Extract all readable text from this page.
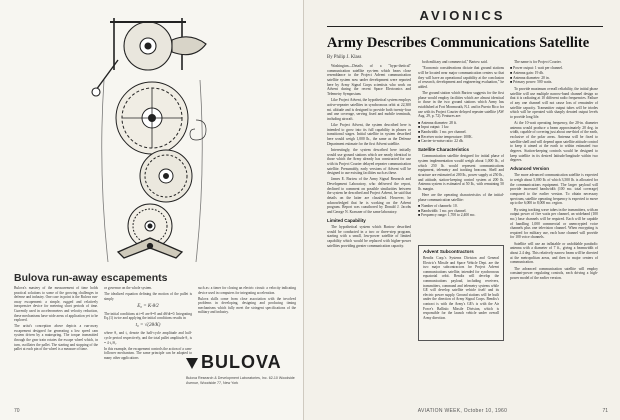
Bulova run-away escapements

Bulova's mastery of the measurement of time holds practical solutions to some of the growing challenges in defense and industry. One case in point is the Bulova run-away escapement: a simple, rugged and relatively inexpensive device for metering short periods of time. Currently used in accelerometers and velocity reduction, these mechanisms have wide areas of application yet to be explored.

The artist's conception above depicts a run-away escapement designed for generating a low speed cam system driven by a mainspring. The torque transmitted through the gear train rotates the escape wheel which, in turn, oscillates the pallet. The starting and stopping of the pallet at each pin of the wheel is a measure of time.

or governor on the whole system.

The idealized equation defining the motion of the pallet is simply

E₀ = K·θ/2

The initial conditions at t=0 are θ=0 and dθ/dt=0. Integrating Eq.(1) twice and applying the initial conditions results in

t₀ = √(2θ/K)

where θ₀ and t₀ denote the half-cycle amplitude and half-cycle period respectively, and the total pallet amplitude θ₀ is = 4·t₀/θ₀.

In this example, the escapement controls the action of a cam-follower mechanism. The same principle can be adapted to many other applications

such as: a timer for closing an electric circuit: a velocity indicating device used in computers for integrating acceleration.

Bulova skills come from close association with the involved problems in developing, designing and producing timing mechanisms which fully meet the stringent specifications of the military and industry.

BULOVA
Bulova Research & Development Laboratories, Inc. 62-10 Woodside Avenue, Woodside 77, New York
70
AVIONICS
Army Describes Communications Satellite
By Philip J. Klass

Washington—Details of a "hypo-thetical" communication satellite sys-tem which bears close resemblance to the Project Advent communication satellite system now under development were reported here by Army Signal Corps scientists who work on Advent during the recent Space Electronics and Telemetry Symposium.

Like Project Advent, the hypothetical system employs active-repeater satellites in synchronous orbit at 22,300 mi. altitude and is designed to provide both twenty-four and one coverage, serving fixed and mobile terminals, including aircraft.

Like Project Advent, the system described here is intended to grow into its full capability in phases or transitional stages. Initial satellite in system described here would weigh 1,000 lb., the same as the Defense Department estimate for the first Advent satellite.

Interestingly, the system described here initially would use ground stations which are nearly identical to those which the Army already has constructed for use with its Project Courier delayed repeater communication satellite. Presumably, early versions of Advent will be designed to use existing facilities such as these.

James E. Bartow of the Army Signal Research and Development Laboratory, who delivered the report, declined to comment on possible similarities between the system he described and Project Advent, he said that details on the latter are classified. However, he acknowledged that he is working on the Advent program. Report was coauthored by Donald J. Jacobs and George N. Krassner of the same laboratory.

Limited Capability

The hypothetical system which Bartow described would be conducted in a two or three-step program, starting with a small, low-power satellite of limited capability which would be replaced with higher-power satellites providing greater communication capacity.

both military and commercial," Bartow said.

"Economic considerations dictate that ground stations will be located near major communication centers so that they will have an operational capability at the conclusion of research, development and engineering evaluation," he added.

The ground station which Bartow suggests for the first phase would employ facilities which are almost identical to those in the two ground stations which Army has established at Fort Monmouth, N.J. and in Puerto Rico for use with its Project Courier delayed repeater satellite (AW Aug. 29, p. 72). Features are:

■ Antenna diameter: 28 ft.
■ Input output: 1 kw.
■ Bandwidth: 1 mc. per channel.
■ Receiver noise temperature: 100K.
■ Carrier-to-noise ratio: 22 db.
Satellite Characteristics

Communication satellite designed for initial phase of system implementation would weigh about 1,000 lb., of which 250 lb. would represent communications equipment, telemetry and tracking beacons. Shell and structure are estimated at 200 lb., power supply at 250 lb., and attitude, station-keeping control system at 200 lb. Antenna system is estimated at 50 lb., with remaining 50 lb. margin.

Here are the operating characteristics of the initial-phase communication satellite:

■ Number of channels: 10.
■ Bandwidth: 1 mc. per channel.
■ Frequency range: 1,700 to 2,400 mc.

The name is for Project Courier.

■ Power output: 1 watt per channel.
■ Antenna gain: 19 db.
■ Antenna diameter: 20 in.
■ Primary power: 500 watts.

To provide maximum overall reliability, the initial phase satellite will use multiple narrow-band channel design so that it is radiating at 10 different radio frequencies. Failure of any one channel will not cause loss of remainder of satellite capacity. Transmitter output tubes will be triodes which will be operated with sharply derated output levels to provide long life.

At the 10-watt operating frequency, the 20-in. diameter antenna would produce a beam approximately 20 deg. in width, capable of covering just about one-third of the earth, exclusive of the polar areas. Antenna will be fixed to satellite shell and will depend upon satellite attitude control to keep it aimed at the earth to within estimated two degrees. Station-keeping controls would be designed to keep satellite in its desired latitude/longitude within two degrees.

Advanced Version

The more advanced communication satellite is expected to weigh about 5,000 lb. of which 3,500 lb. is allocated for the communications equipment. The larger payload will provide increased bandwidth (100 mc. total coverage) compared to the earlier version. To obtain necessary spectrum, satellite operating frequency is expected to move up to the 6,000 to 8,000 mc. region.

By using tracking wave tubes in the transmitters, with an output power of five watts per channel, an wideband (100 mc.) base channels will be required. Each will be capable of handling 1,000 commercial or unencrypted voice channels plus one television channel. When encrypting is required for military use, each base channel will provide for 100 voice channels.

Satellite will use an inflatable or unfoldable parabolic antenna with a diameter of 7 ft., giving a beamwidth of about 2.4 deg. This relatively narrow beam will be directed at the metropolitan areas, and then to major centers of communication.

The advanced communication satellite will employ constant-power regulating controls, each driving a high-power model of the earlier version.

Advent Subcontractors

Bendix Corp.'s Systems Division and General Electric's Missile and Space Vehicle Dept. are the two major subcontractors for Project Advent communications satellite, intended for synchronous equatorial orbit. Bendix will develop the communications payload, including receivers, transmitters, command and telemetry systems while GE will develop satellite vehicle itself and its electric power supply. Ground stations will be built under the direction of Army Signal Corps. Bendix's contract is with the Army's GE's is with the Air Force's Ballistic Missile Division, which is responsible for the launch vehicle under overall Army direction.

AVIATION WEEK, October 10, 1960	71
